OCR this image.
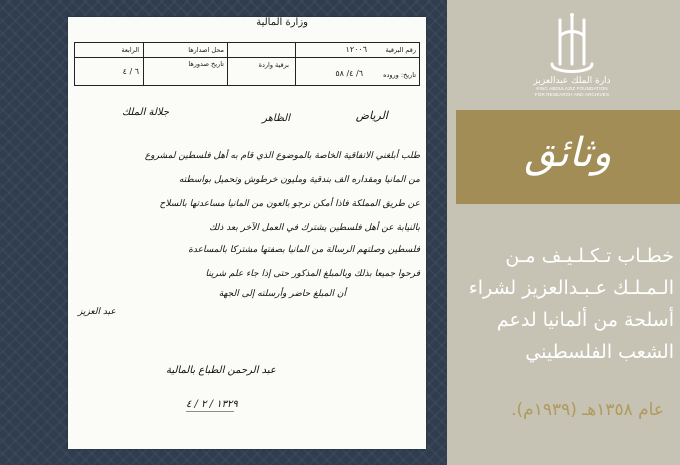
وزارة المالية
الرابعة
٦ / ٤
محل اصدارها
تاريخ صدورها	برقية واردة
رقم البرقية
١٢٠٠٦
تاريخ: وروده
٦/ ٤/ ٥٨
الرياض
الظاهر
جلالة الملك
طلب أبلغني الاتفاقية الخاصة بالموضوع الذي قام به أهل فلسطين لمشروع
من المانيا ومقداره الف بندقية ومليون خرطوش وتحميل بواسطته
عن طريق المملكة فاذا أمكن نرجو بالعون من المانيا مساعدتها بالسلاح
بالنيابة عن أهل فلسطين يشترك في العمل الآخر بعد ذلك
فلسطين وصلتهم الرسالة من المانيا بصفتها مشتركا بالمساعدة
فرحوا جميعا بذلك وبالمبلغ المذكور حتى إذا جاء علم شرينا
أن المبلغ حاضر وأرسلته إلى الجهة
عبد العزيز
عبد الرحمن الطباع بالمالية
١٣٢٩ / ٢ / ٤
دارة الملك عبدالعزيز
KING ABDULAZIZ FOUNDATION
FOR RESEARCH AND ARCHIVES
وثائق
خطـاب تـكـلـيـف مـن
الـمـلـك عـبـدالعزيز لشراء
أسلحة من ألمانيا لدعم
الشعب الفلسطيني
عام ١٣٥٨هـ (١٩٣٩م).
